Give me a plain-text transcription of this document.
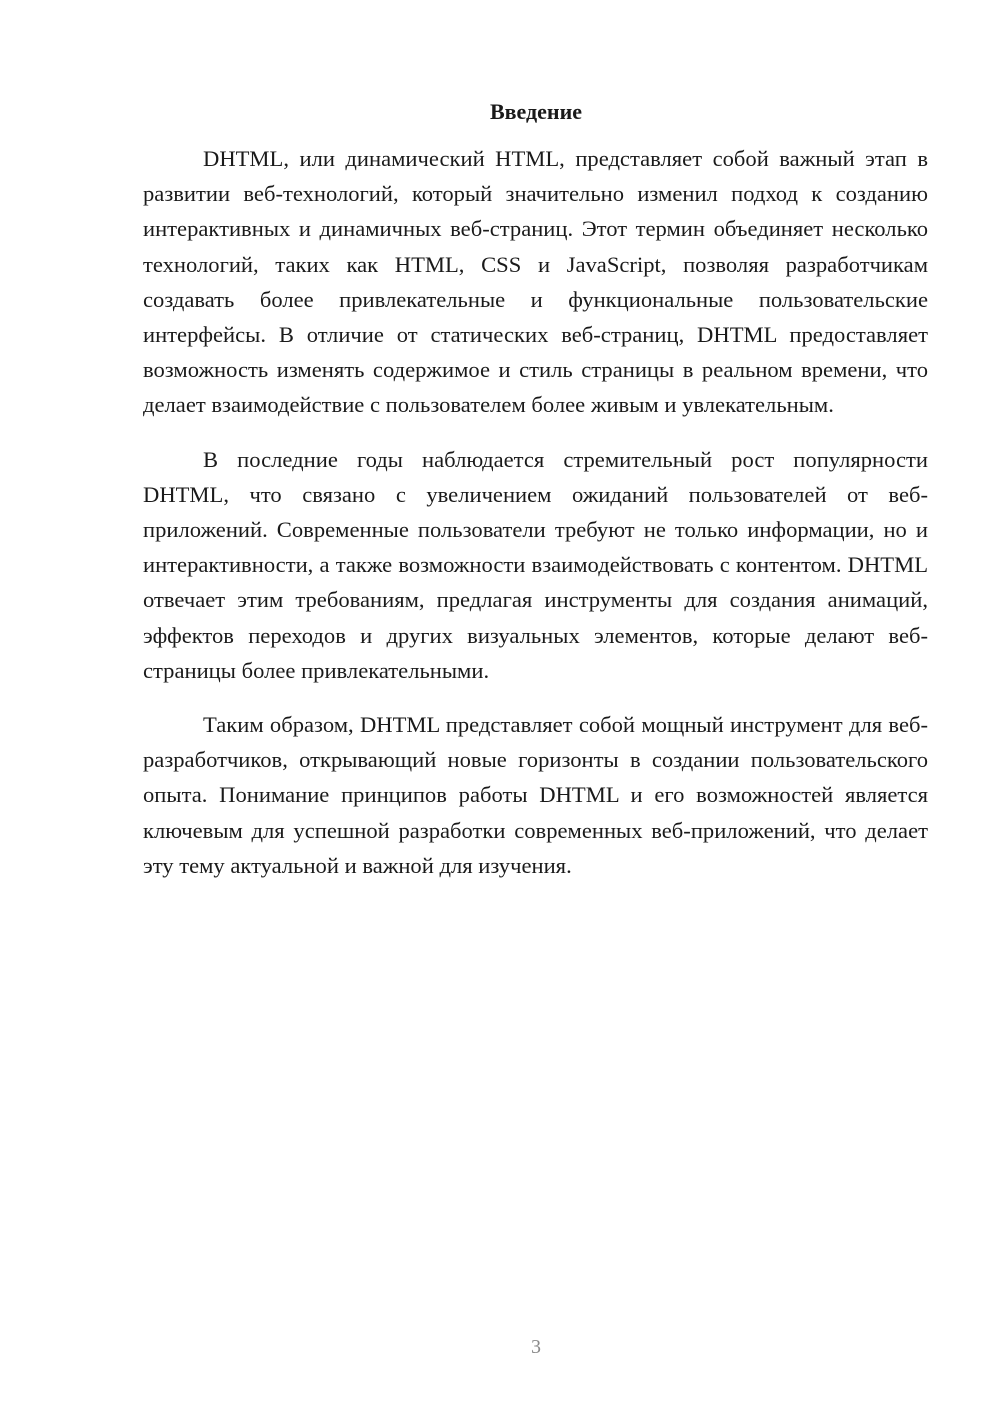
Введение

DHTML, или динамический HTML, представляет собой важный этап в развитии веб-технологий, который значительно изменил подход к созданию интерактивных и динамичных веб-страниц. Этот термин объединяет несколько технологий, таких как HTML, CSS и JavaScript, позволяя разработчикам создавать более привлекательные и функциональные пользовательские интерфейсы. В отличие от статических веб-страниц, DHTML предоставляет возможность изменять содержимое и стиль страницы в реальном времени, что делает взаимодействие с пользователем более живым и увлекательным.

В последние годы наблюдается стремительный рост популярности DHTML, что связано с увеличением ожиданий пользователей от веб-приложений. Современные пользователи требуют не только информации, но и интерактивности, а также возможности взаимодействовать с контентом. DHTML отвечает этим требованиям, предлагая инструменты для создания анимаций, эффектов переходов и других визуальных элементов, которые делают веб-страницы более привлекательными.

Таким образом, DHTML представляет собой мощный инструмент для веб-разработчиков, открывающий новые горизонты в создании пользовательского опыта. Понимание принципов работы DHTML и его возможностей является ключевым для успешной разработки современных веб-приложений, что делает эту тему актуальной и важной для изучения.

3
